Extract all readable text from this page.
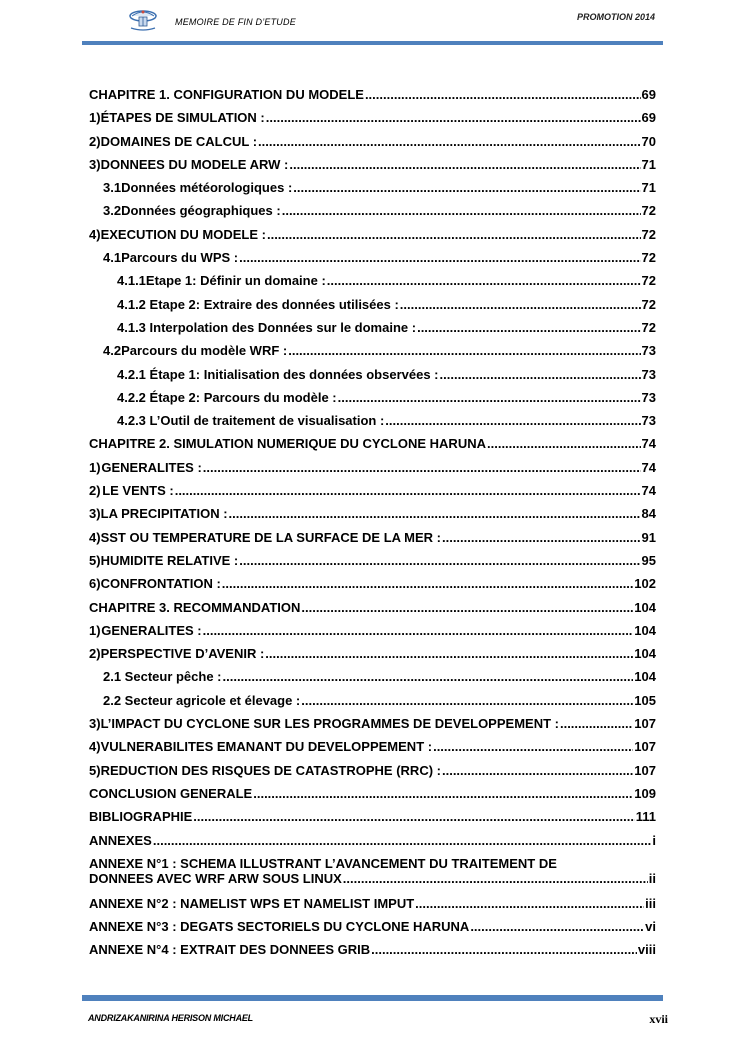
MEMOIRE DE FIN D’ETUDE	PROMOTION 2014
CHAPITRE 1. CONFIGURATION DU MODELE .....	69
1) ÉTAPES DE SIMULATION : .....	69
2) DOMAINES DE CALCUL : .....	70
3) DONNEES DU MODELE ARW : .....	71
3.1 Données météorologiques : .....	71
3.2 Données géographiques : .....	72
4) EXECUTION DU MODELE : .....	72
4.1 Parcours du WPS : .....	72
4.1.1 Etape 1: Définir un domaine : .....	72
4.1.2 Etape 2: Extraire des données utilisées : .....	72
4.1.3 Interpolation des Données sur le domaine : .....	72
4.2 Parcours du modèle WRF : .....	73
4.2.1 Étape 1: Initialisation des données observées : .....	73
4.2.2 Étape 2: Parcours du modèle : .....	73
4.2.3 L’Outil de traitement de visualisation : .....	73
CHAPITRE 2. SIMULATION NUMERIQUE DU CYCLONE HARUNA .....	74
1) GENERALITES : .....	74
2) LE VENTS : .....	74
3) LA PRECIPITATION : .....	84
4) SST OU TEMPERATURE DE LA SURFACE DE LA MER : .....	91
5) HUMIDITE RELATIVE : .....	95
6) CONFRONTATION : .....	102
CHAPITRE 3. RECOMMANDATION .....	104
1) GENERALITES : .....	104
2) PERSPECTIVE D’AVENIR : .....	104
2.1 Secteur pêche : .....	104
2.2 Secteur agricole et élevage : .....	105
3) L’IMPACT DU CYCLONE SUR LES PROGRAMMES DE DEVELOPPEMENT : .....	107
4) VULNERABILITES EMANANT DU DEVELOPPEMENT : .....	107
5) REDUCTION DES RISQUES DE CATASTROPHE (RRC) : .....	107
CONCLUSION GENERALE .....	109
BIBLIOGRAPHIE .....	111
ANNEXES .....	i
ANNEXE N°1 : SCHEMA ILLUSTRANT L’AVANCEMENT DU TRAITEMENT DE
DONNEES AVEC WRF ARW SOUS LINUX .....	ii
ANNEXE N°2 : NAMELIST WPS ET NAMELIST IMPUT .....	iii
ANNEXE N°3 : DEGATS SECTORIELS DU CYCLONE HARUNA .....	vi
ANNEXE N°4 : EXTRAIT DES DONNEES GRIB .....	viii
ANDRIZAKANIRINA HERISON MICHAEL	xvii
